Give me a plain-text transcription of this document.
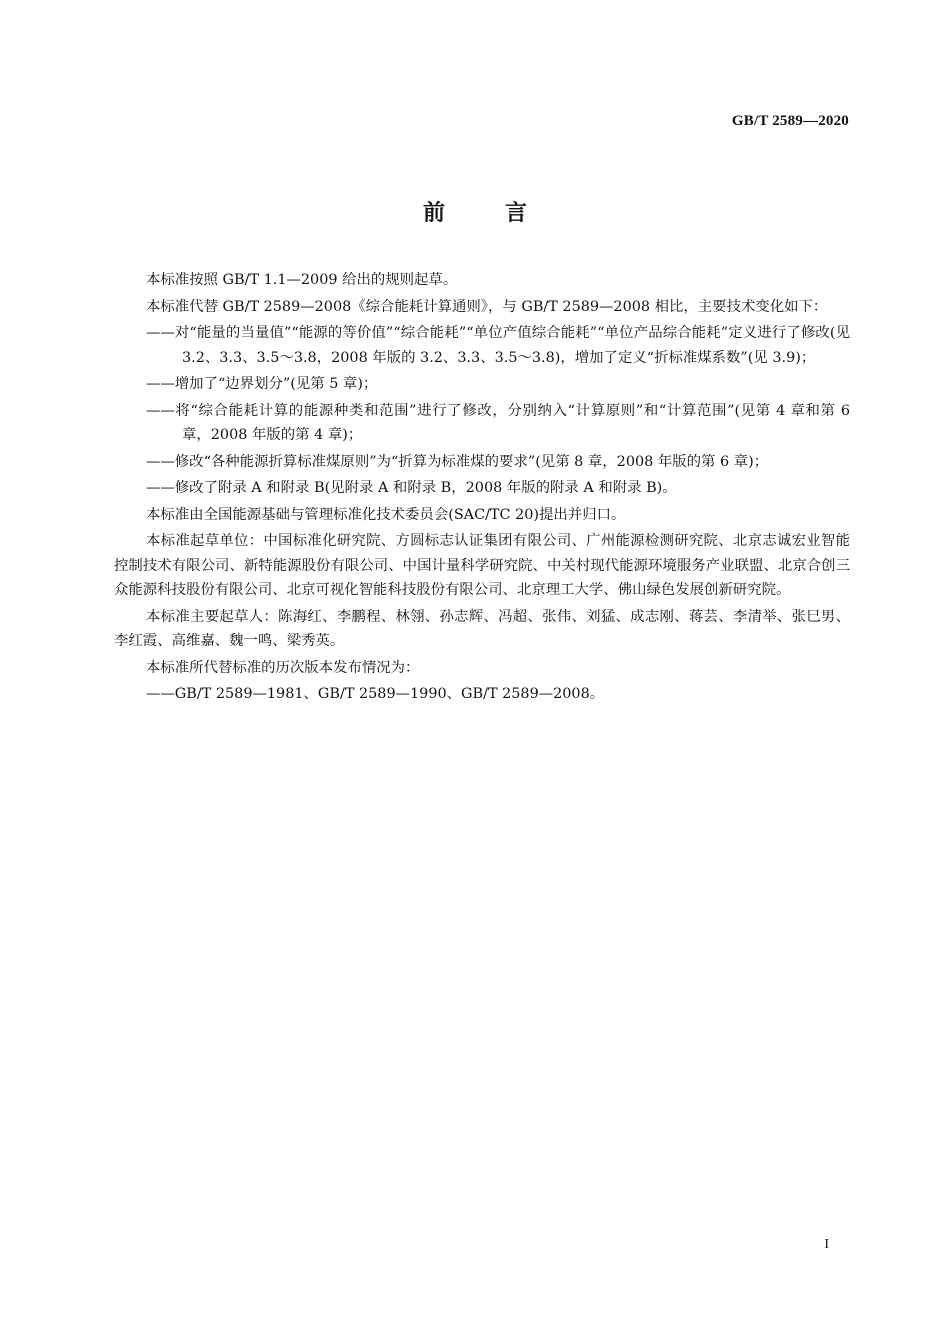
GB/T 2589—2020
前言

本标准按照 GB/T 1.1—2009 给出的规则起草。

本标准代替 GB/T 2589—2008《综合能耗计算通则》，与 GB/T 2589—2008 相比，主要技术变化如下：

——对“能量的当量值”“能源的等价值”“综合能耗”“单位产值综合能耗”“单位产品综合能耗”定义进行了修改(见 3.2、3.3、3.5～3.8，2008 年版的 3.2、3.3、3.5～3.8)，增加了定义“折标准煤系数”(见 3.9)；

——增加了“边界划分”(见第 5 章)；

——将“综合能耗计算的能源种类和范围”进行了修改，分别纳入“计算原则”和“计算范围”(见第 4 章和第 6 章，2008 年版的第 4 章)；

——修改“各种能源折算标准煤原则”为“折算为标准煤的要求”(见第 8 章，2008 年版的第 6 章)；

——修改了附录 A 和附录 B(见附录 A 和附录 B，2008 年版的附录 A 和附录 B)。

本标准由全国能源基础与管理标准化技术委员会(SAC/TC 20)提出并归口。

本标准起草单位：中国标准化研究院、方圆标志认证集团有限公司、广州能源检测研究院、北京志诚宏业智能控制技术有限公司、新特能源股份有限公司、中国计量科学研究院、中关村现代能源环境服务产业联盟、北京合创三众能源科技股份有限公司、北京可视化智能科技股份有限公司、北京理工大学、佛山绿色发展创新研究院。

本标准主要起草人：陈海红、李鹏程、林翎、孙志辉、冯超、张伟、刘猛、成志刚、蒋芸、李清举、张巳男、李红霞、高维嘉、魏一鸣、梁秀英。

本标准所代替标准的历次版本发布情况为：

——GB/T 2589—1981、GB/T 2589—1990、GB/T 2589—2008。

I
